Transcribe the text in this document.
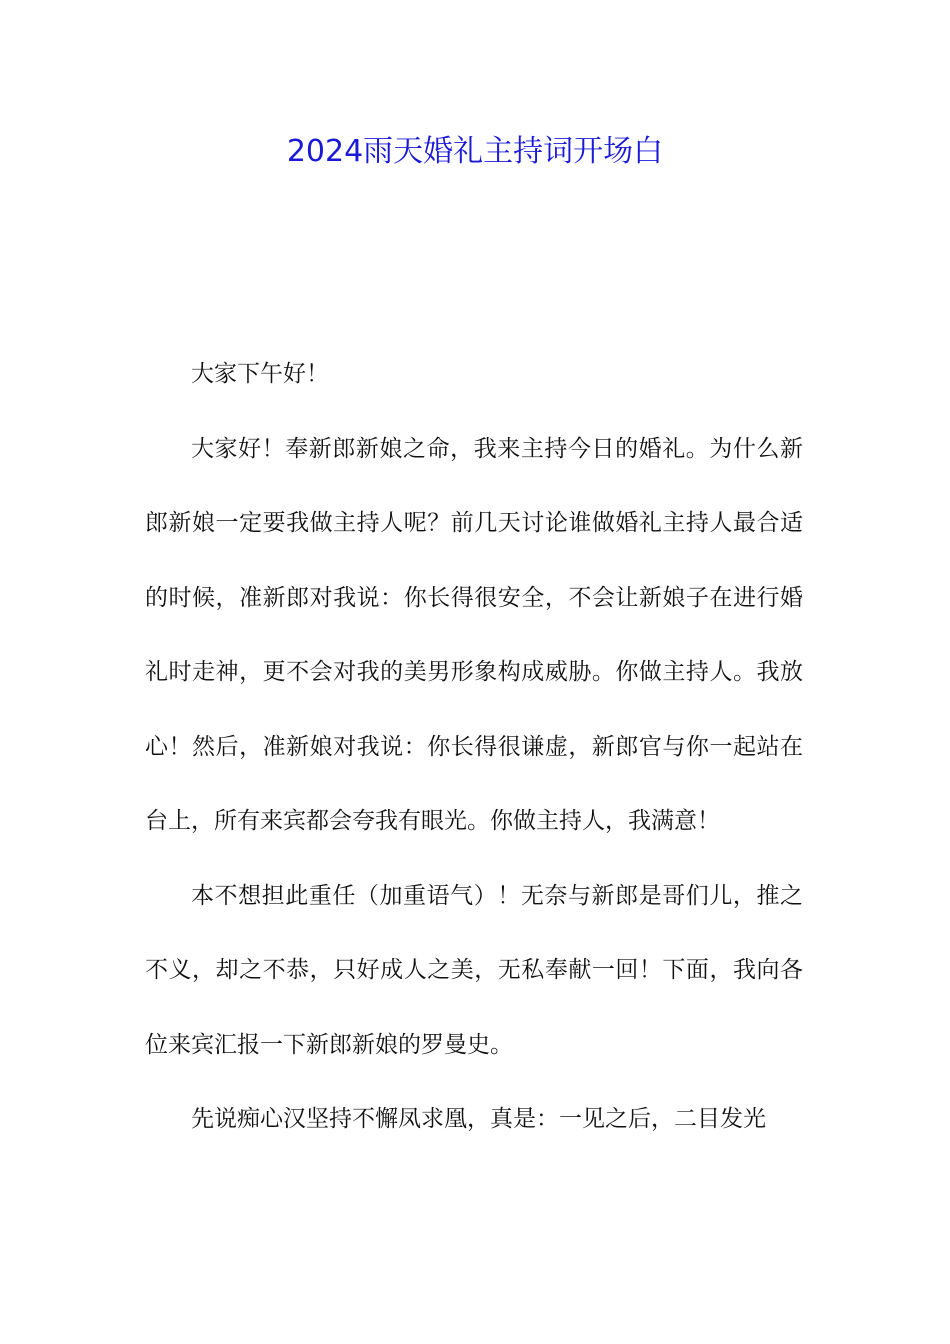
2024雨天婚礼主持词开场白

大家下午好！

大家好！奉新郎新娘之命，我来主持今日的婚礼。为什么新郎新娘一定要我做主持人呢？前几天讨论谁做婚礼主持人最合适的时候，准新郎对我说：你长得很安全，不会让新娘子在进行婚礼时走神，更不会对我的美男形象构成威胁。你做主持人。我放心！然后，准新娘对我说：你长得很谦虚，新郎官与你一起站在台上，所有来宾都会夸我有眼光。你做主持人，我满意！

本不想担此重任（加重语气）！无奈与新郎是哥们儿，推之不义，却之不恭，只好成人之美，无私奉献一回！下面，我向各位来宾汇报一下新郎新娘的罗曼史。

先说痴心汉坚持不懈凤求凰，真是：一见之后，二目发光
